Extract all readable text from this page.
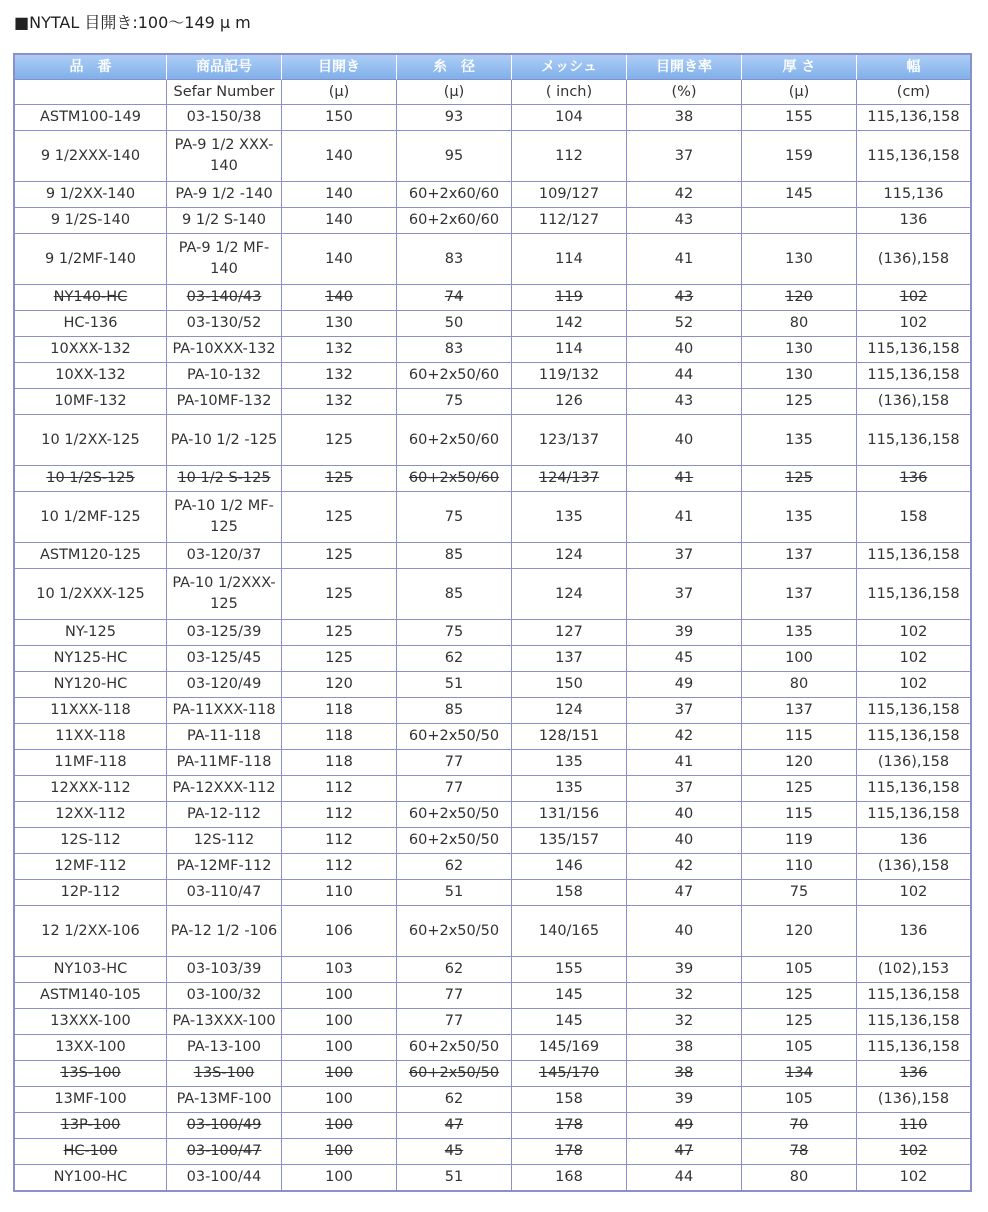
■NYTAL 目開き:100〜149 μ m
品　番	商品記号	目開き	糸　径	メッシュ	目開き率	厚 さ	幅
	Sefar Number	(μ)	(μ)	( inch)	(%)	(μ)	(cm)
ASTM100-149	03-150/38	150	93	104	38	155	115,136,158
9 1/2XXX-140	PA-9 1/2 XXX-140	140	95	112	37	159	115,136,158
9 1/2XX-140	PA-9 1/2 -140	140	60+2x60/60	109/127	42	145	115,136
9 1/2S-140	9 1/2 S-140	140	60+2x60/60	112/127	43		136
9 1/2MF-140	PA-9 1/2 MF-140	140	83	114	41	130	(136),158
NY140-HC	03-140/43	140	74	119	43	120	102
HC-136	03-130/52	130	50	142	52	80	102
10XXX-132	PA-10XXX-132	132	83	114	40	130	115,136,158
10XX-132	PA-10-132	132	60+2x50/60	119/132	44	130	115,136,158
10MF-132	PA-10MF-132	132	75	126	43	125	(136),158
10 1/2XX-125	PA-10 1/2 -125	125	60+2x50/60	123/137	40	135	115,136,158
10 1/2S-125	10 1/2 S-125	125	60+2x50/60	124/137	41	125	136
10 1/2MF-125	PA-10 1/2 MF-125	125	75	135	41	135	158
ASTM120-125	03-120/37	125	85	124	37	137	115,136,158
10 1/2XXX-125	PA-10 1/2XXX-125	125	85	124	37	137	115,136,158
NY-125	03-125/39	125	75	127	39	135	102
NY125-HC	03-125/45	125	62	137	45	100	102
NY120-HC	03-120/49	120	51	150	49	80	102
11XXX-118	PA-11XXX-118	118	85	124	37	137	115,136,158
11XX-118	PA-11-118	118	60+2x50/50	128/151	42	115	115,136,158
11MF-118	PA-11MF-118	118	77	135	41	120	(136),158
12XXX-112	PA-12XXX-112	112	77	135	37	125	115,136,158
12XX-112	PA-12-112	112	60+2x50/50	131/156	40	115	115,136,158
12S-112	12S-112	112	60+2x50/50	135/157	40	119	136
12MF-112	PA-12MF-112	112	62	146	42	110	(136),158
12P-112	03-110/47	110	51	158	47	75	102
12 1/2XX-106	PA-12 1/2 -106	106	60+2x50/50	140/165	40	120	136
NY103-HC	03-103/39	103	62	155	39	105	(102),153
ASTM140-105	03-100/32	100	77	145	32	125	115,136,158
13XXX-100	PA-13XXX-100	100	77	145	32	125	115,136,158
13XX-100	PA-13-100	100	60+2x50/50	145/169	38	105	115,136,158
13S-100	13S-100	100	60+2x50/50	145/170	38	134	136
13MF-100	PA-13MF-100	100	62	158	39	105	(136),158
13P-100	03-100/49	100	47	178	49	70	110
HC-100	03-100/47	100	45	178	47	78	102
NY100-HC	03-100/44	100	51	168	44	80	102
